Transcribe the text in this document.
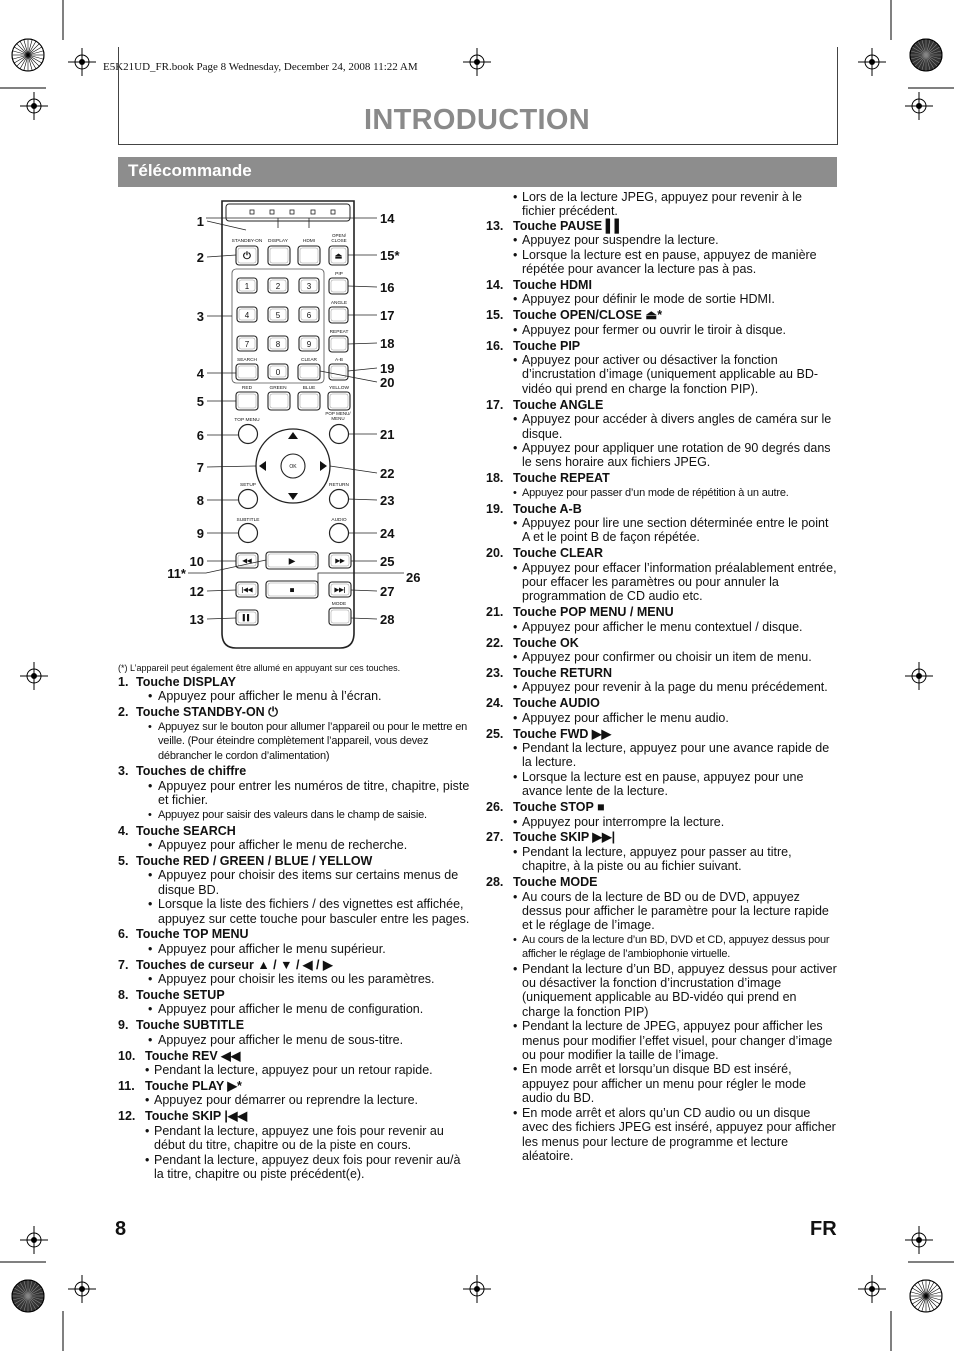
E5K21UD_FR.book Page 8 Wednesday, December 24, 2008 11:22 AM
INTRODUCTION
Télécommande
STANDBY-ON DISPLAY	HDMI
OPEN/ CLOSE
⏻	⏏
1	2	3
4	5	6
7	8	9
PIP
ANGLE
REPEAT
SEARCH
0
CLEAR	A-B
RED	GREEN	BLUE	YELLOW
TOP MENU
POP MENU/ MENU
OK
SETUP	RETURN
SUBTITLE	AUDIO
◀◀	▶	▶▶
|◀◀	■	▶▶|
▌▌
MODE
1
2
3
4
5
6
7
8
9
10
11*
12
13
14
15*
16
17
18
19
20
21
22
23
24
25
26
27
28
(*) L’appareil peut également être allumé en appuyant sur ces touches.
1. Touche DISPLAY
• Appuyez pour afficher le menu à l’écran.
2. Touche STANDBY-ON ⏻
• Appuyez sur le bouton pour allumer l’appareil ou pour le mettre en veille. (Pour éteindre complètement l’appareil, vous devez débrancher le cordon d’alimentation)
3. Touches de chiffre
• Appuyez pour entrer les numéros de titre, chapitre, piste et fichier.
• Appuyez pour saisir des valeurs dans le champ de saisie.
4. Touche SEARCH
• Appuyez pour afficher le menu de recherche.
5. Touche RED / GREEN / BLUE / YELLOW
• Appuyez pour choisir des items sur certains menus de disque BD.
• Lorsque la liste des fichiers / des vignettes est affichée, appuyez sur cette touche pour basculer entre les pages.
6. Touche TOP MENU
• Appuyez pour afficher le menu supérieur.
7. Touches de curseur ▲ / ▼ / ◀ / ▶
• Appuyez pour choisir les items ou les paramètres.
8. Touche SETUP
• Appuyez pour afficher le menu de configuration.
9. Touche SUBTITLE
• Appuyez pour afficher le menu de sous-titre.
10. Touche REV ◀◀
• Pendant la lecture, appuyez pour un retour rapide.
11. Touche PLAY ▶*
• Appuyez pour démarrer ou reprendre la lecture.
12. Touche SKIP |◀◀
• Pendant la lecture, appuyez une fois pour revenir au début du titre, chapitre ou de la piste en cours.
• Pendant la lecture, appuyez deux fois pour revenir au/à la titre, chapitre ou piste précédent(e).
• Lors de la lecture JPEG, appuyez pour revenir à le fichier précédent.
13. Touche PAUSE ▌▌
• Appuyez pour suspendre la lecture.
• Lorsque la lecture est en pause, appuyez de manière répétée pour avancer la lecture pas à pas.
14. Touche HDMI
• Appuyez pour définir le mode de sortie HDMI.
15. Touche OPEN/CLOSE ⏏*
• Appuyez pour fermer ou ouvrir le tiroir à disque.
16. Touche PIP
• Appuyez pour activer ou désactiver la fonction d’incrustation d’image (uniquement applicable au BD-vidéo qui prend en charge la fonction PIP).
17. Touche ANGLE
• Appuyez pour accéder à divers angles de caméra sur le disque.
• Appuyez pour appliquer une rotation de 90 degrés dans le sens horaire aux fichiers JPEG.
18. Touche REPEAT
• Appuyez pour passer d’un mode de répétition à un autre.
19. Touche A-B
• Appuyez pour lire une section déterminée entre le point A et le point B de façon répétée.
20. Touche CLEAR
• Appuyez pour effacer l’information préalablement entrée, pour effacer les paramètres ou pour annuler la programmation de CD audio etc.
21. Touche POP MENU / MENU
• Appuyez pour afficher le menu contextuel / disque.
22. Touche OK
• Appuyez pour confirmer ou choisir un item de menu.
23. Touche RETURN
• Appuyez pour revenir à la page du menu précédement.
24. Touche AUDIO
• Appuyez pour afficher le menu audio.
25. Touche FWD ▶▶
• Pendant la lecture, appuyez pour une avance rapide de la lecture.
• Lorsque la lecture est en pause, appuyez pour une avance lente de la lecture.
26. Touche STOP ■
• Appuyez pour interrompre la lecture.
27. Touche SKIP ▶▶|
• Pendant la lecture, appuyez pour passer au titre, chapitre, à la piste ou au fichier suivant.
28. Touche MODE
• Au cours de la lecture de BD ou de DVD, appuyez dessus pour afficher le paramètre pour la lecture rapide et le réglage de l’image.
• Au cours de la lecture d’un BD, DVD et CD, appuyez dessus pour afficher le réglage de l’ambiophonie virtuelle.
• Pendant la lecture d’un BD, appuyez dessus pour activer ou désactiver la fonction d’incrustation d’image (uniquement applicable au BD-vidéo qui prend en charge la fonction PIP)
• Pendant la lecture de JPEG, appuyez pour afficher les menus pour modifier l’effet visuel, pour changer d’image ou pour modifier la taille de l’image.
• En mode arrêt et lorsqu’un disque BD est inséré, appuyez pour afficher un menu pour régler le mode audio du BD.
• En mode arrêt et alors qu’un CD audio ou un disque avec des fichiers JPEG est inséré, appuyez pour afficher les menus pour lecture de programme et lecture aléatoire.
8	FR
